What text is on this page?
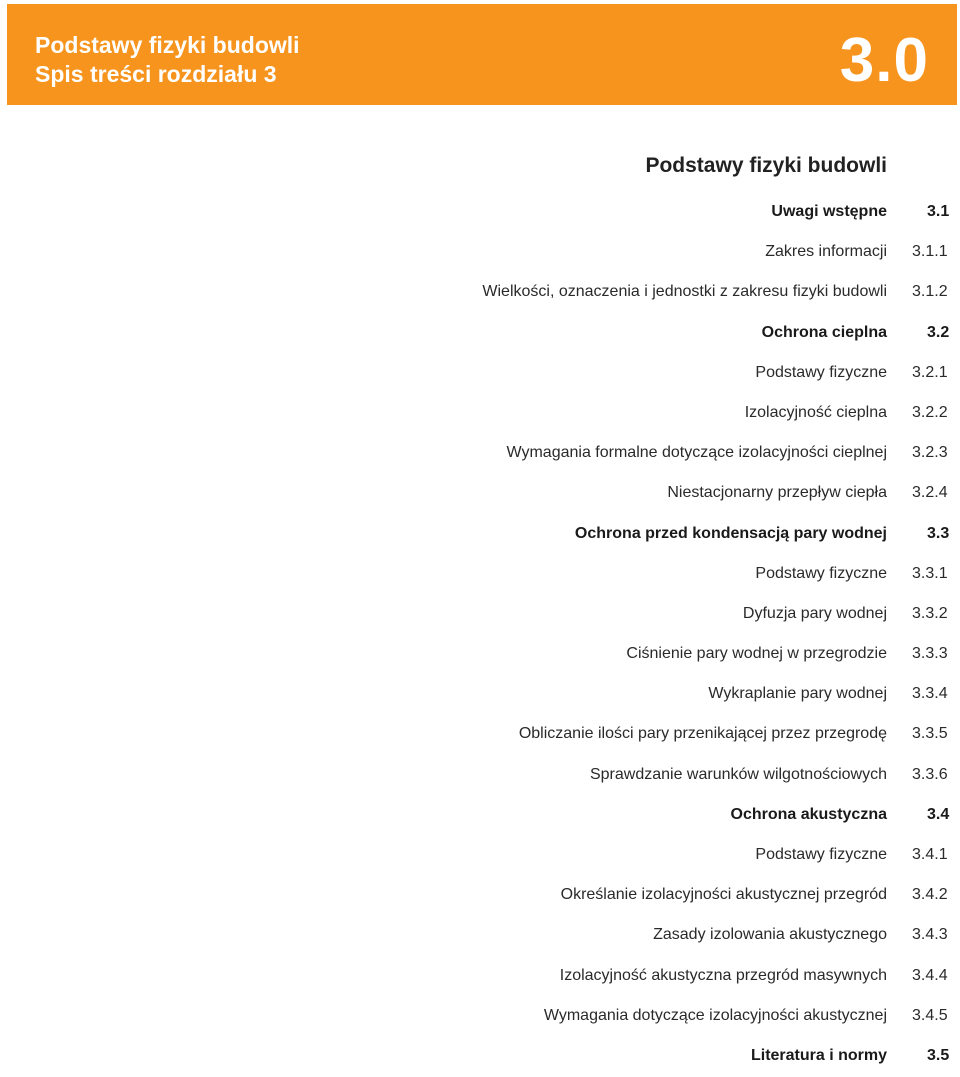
Podstawy fizyki budowli
Spis treści rozdziału 3	3.0
Podstawy fizyki budowli
Uwagi wstępne	3.1
Zakres informacji 3.1.1
Wielkości, oznaczenia i jednostki z zakresu fizyki budowli 3.1.2
Ochrona cieplna	3.2
Podstawy fizyczne 3.2.1
Izolacyjność cieplna 3.2.2
Wymagania formalne dotyczące izolacyjności cieplnej 3.2.3
Niestacjonarny przepływ ciepła 3.2.4
Ochrona przed kondensacją pary wodnej	3.3
Podstawy fizyczne 3.3.1
Dyfuzja pary wodnej 3.3.2
Ciśnienie pary wodnej w przegrodzie 3.3.3
Wykraplanie pary wodnej 3.3.4
Obliczanie ilości pary przenikającej przez przegrodę 3.3.5
Sprawdzanie warunków wilgotnościowych 3.3.6
Ochrona akustyczna	3.4
Podstawy fizyczne 3.4.1
Określanie izolacyjności akustycznej przegród 3.4.2
Zasady izolowania akustycznego 3.4.3
Izolacyjność akustyczna przegród masywnych 3.4.4
Wymagania dotyczące izolacyjności akustycznej 3.4.5
Literatura i normy	3.5
